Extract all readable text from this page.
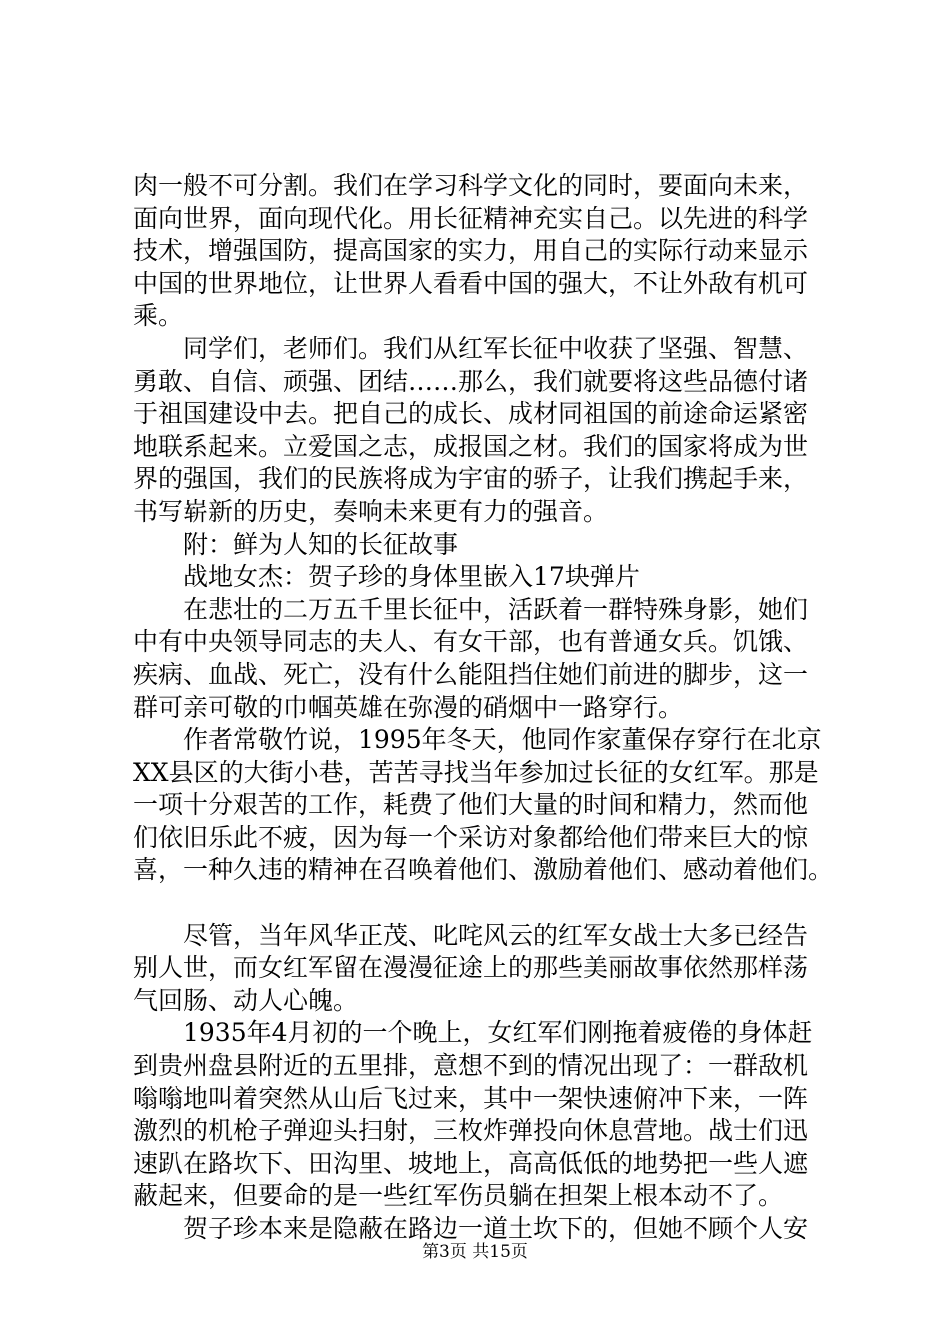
肉一般不可分割。我们在学习科学文化的同时，要面向未来，
面向世界，面向现代化。用长征精神充实自己。以先进的科学
技术，增强国防，提高国家的实力，用自己的实际行动来显示
中国的世界地位，让世界人看看中国的强大，不让外敌有机可
乘。

同学们，老师们。我们从红军长征中收获了坚强、智慧、
勇敢、自信、顽强、团结……那么，我们就要将这些品德付诸
于祖国建设中去。把自己的成长、成材同祖国的前途命运紧密
地联系起来。立爱国之志，成报国之材。我们的国家将成为世
界的强国，我们的民族将成为宇宙的骄子，让我们携起手来，
书写崭新的历史，奏响未来更有力的强音。

附：鲜为人知的长征故事

战地女杰：贺子珍的身体里嵌入17块弹片

在悲壮的二万五千里长征中，活跃着一群特殊身影，她们
中有中央领导同志的夫人、有女干部，也有普通女兵。饥饿、
疾病、血战、死亡，没有什么能阻挡住她们前进的脚步，这一
群可亲可敬的巾帼英雄在弥漫的硝烟中一路穿行。

作者常敬竹说，1995年冬天，他同作家董保存穿行在北京
XX县区的大街小巷，苦苦寻找当年参加过长征的女红军。那是
一项十分艰苦的工作，耗费了他们大量的时间和精力，然而他
们依旧乐此不疲，因为每一个采访对象都给他们带来巨大的惊
喜，一种久违的精神在召唤着他们、激励着他们、感动着他们。

尽管，当年风华正茂、叱咤风云的红军女战士大多已经告
别人世，而女红军留在漫漫征途上的那些美丽故事依然那样荡
气回肠、动人心魄。

1935年4月初的一个晚上，女红军们刚拖着疲倦的身体赶
到贵州盘县附近的五里排，意想不到的情况出现了：一群敌机
嗡嗡地叫着突然从山后飞过来，其中一架快速俯冲下来，一阵
激烈的机枪子弹迎头扫射，三枚炸弹投向休息营地。战士们迅
速趴在路坎下、田沟里、坡地上，高高低低的地势把一些人遮
蔽起来，但要命的是一些红军伤员躺在担架上根本动不了。

贺子珍本来是隐蔽在路边一道土坎下的，但她不顾个人安

第3页 共15页
